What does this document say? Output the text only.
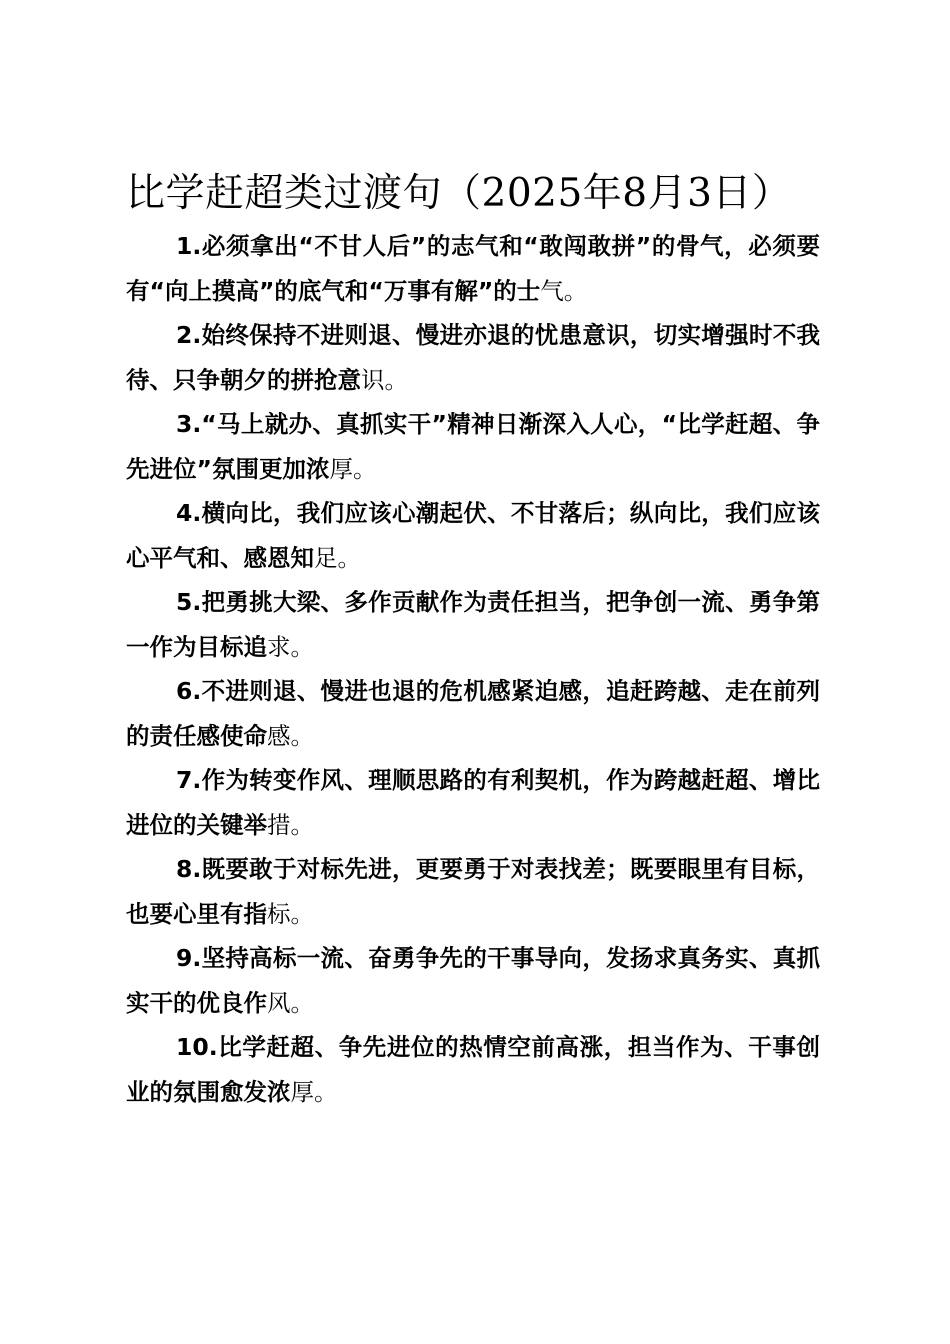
比学赶超类过渡句（2025年8月3日）

1.必须拿出“不甘人后”的志气和“敢闯敢拼”的骨气，必须要有“向上摸高”的底气和“万事有解”的士气。

2.始终保持不进则退、慢进亦退的忧患意识，切实增强时不我待、只争朝夕的拼抢意识。

3.“马上就办、真抓实干”精神日渐深入人心，“比学赶超、争先进位”氛围更加浓厚。

4.横向比，我们应该心潮起伏、不甘落后；纵向比，我们应该心平气和、感恩知足。

5.把勇挑大梁、多作贡献作为责任担当，把争创一流、勇争第一作为目标追求。

6.不进则退、慢进也退的危机感紧迫感，追赶跨越、走在前列的责任感使命感。

7.作为转变作风、理顺思路的有利契机，作为跨越赶超、增比进位的关键举措。

8.既要敢于对标先进，更要勇于对表找差；既要眼里有目标，也要心里有指标。

9.坚持高标一流、奋勇争先的干事导向，发扬求真务实、真抓实干的优良作风。

10.比学赶超、争先进位的热情空前高涨，担当作为、干事创业的氛围愈发浓厚。
